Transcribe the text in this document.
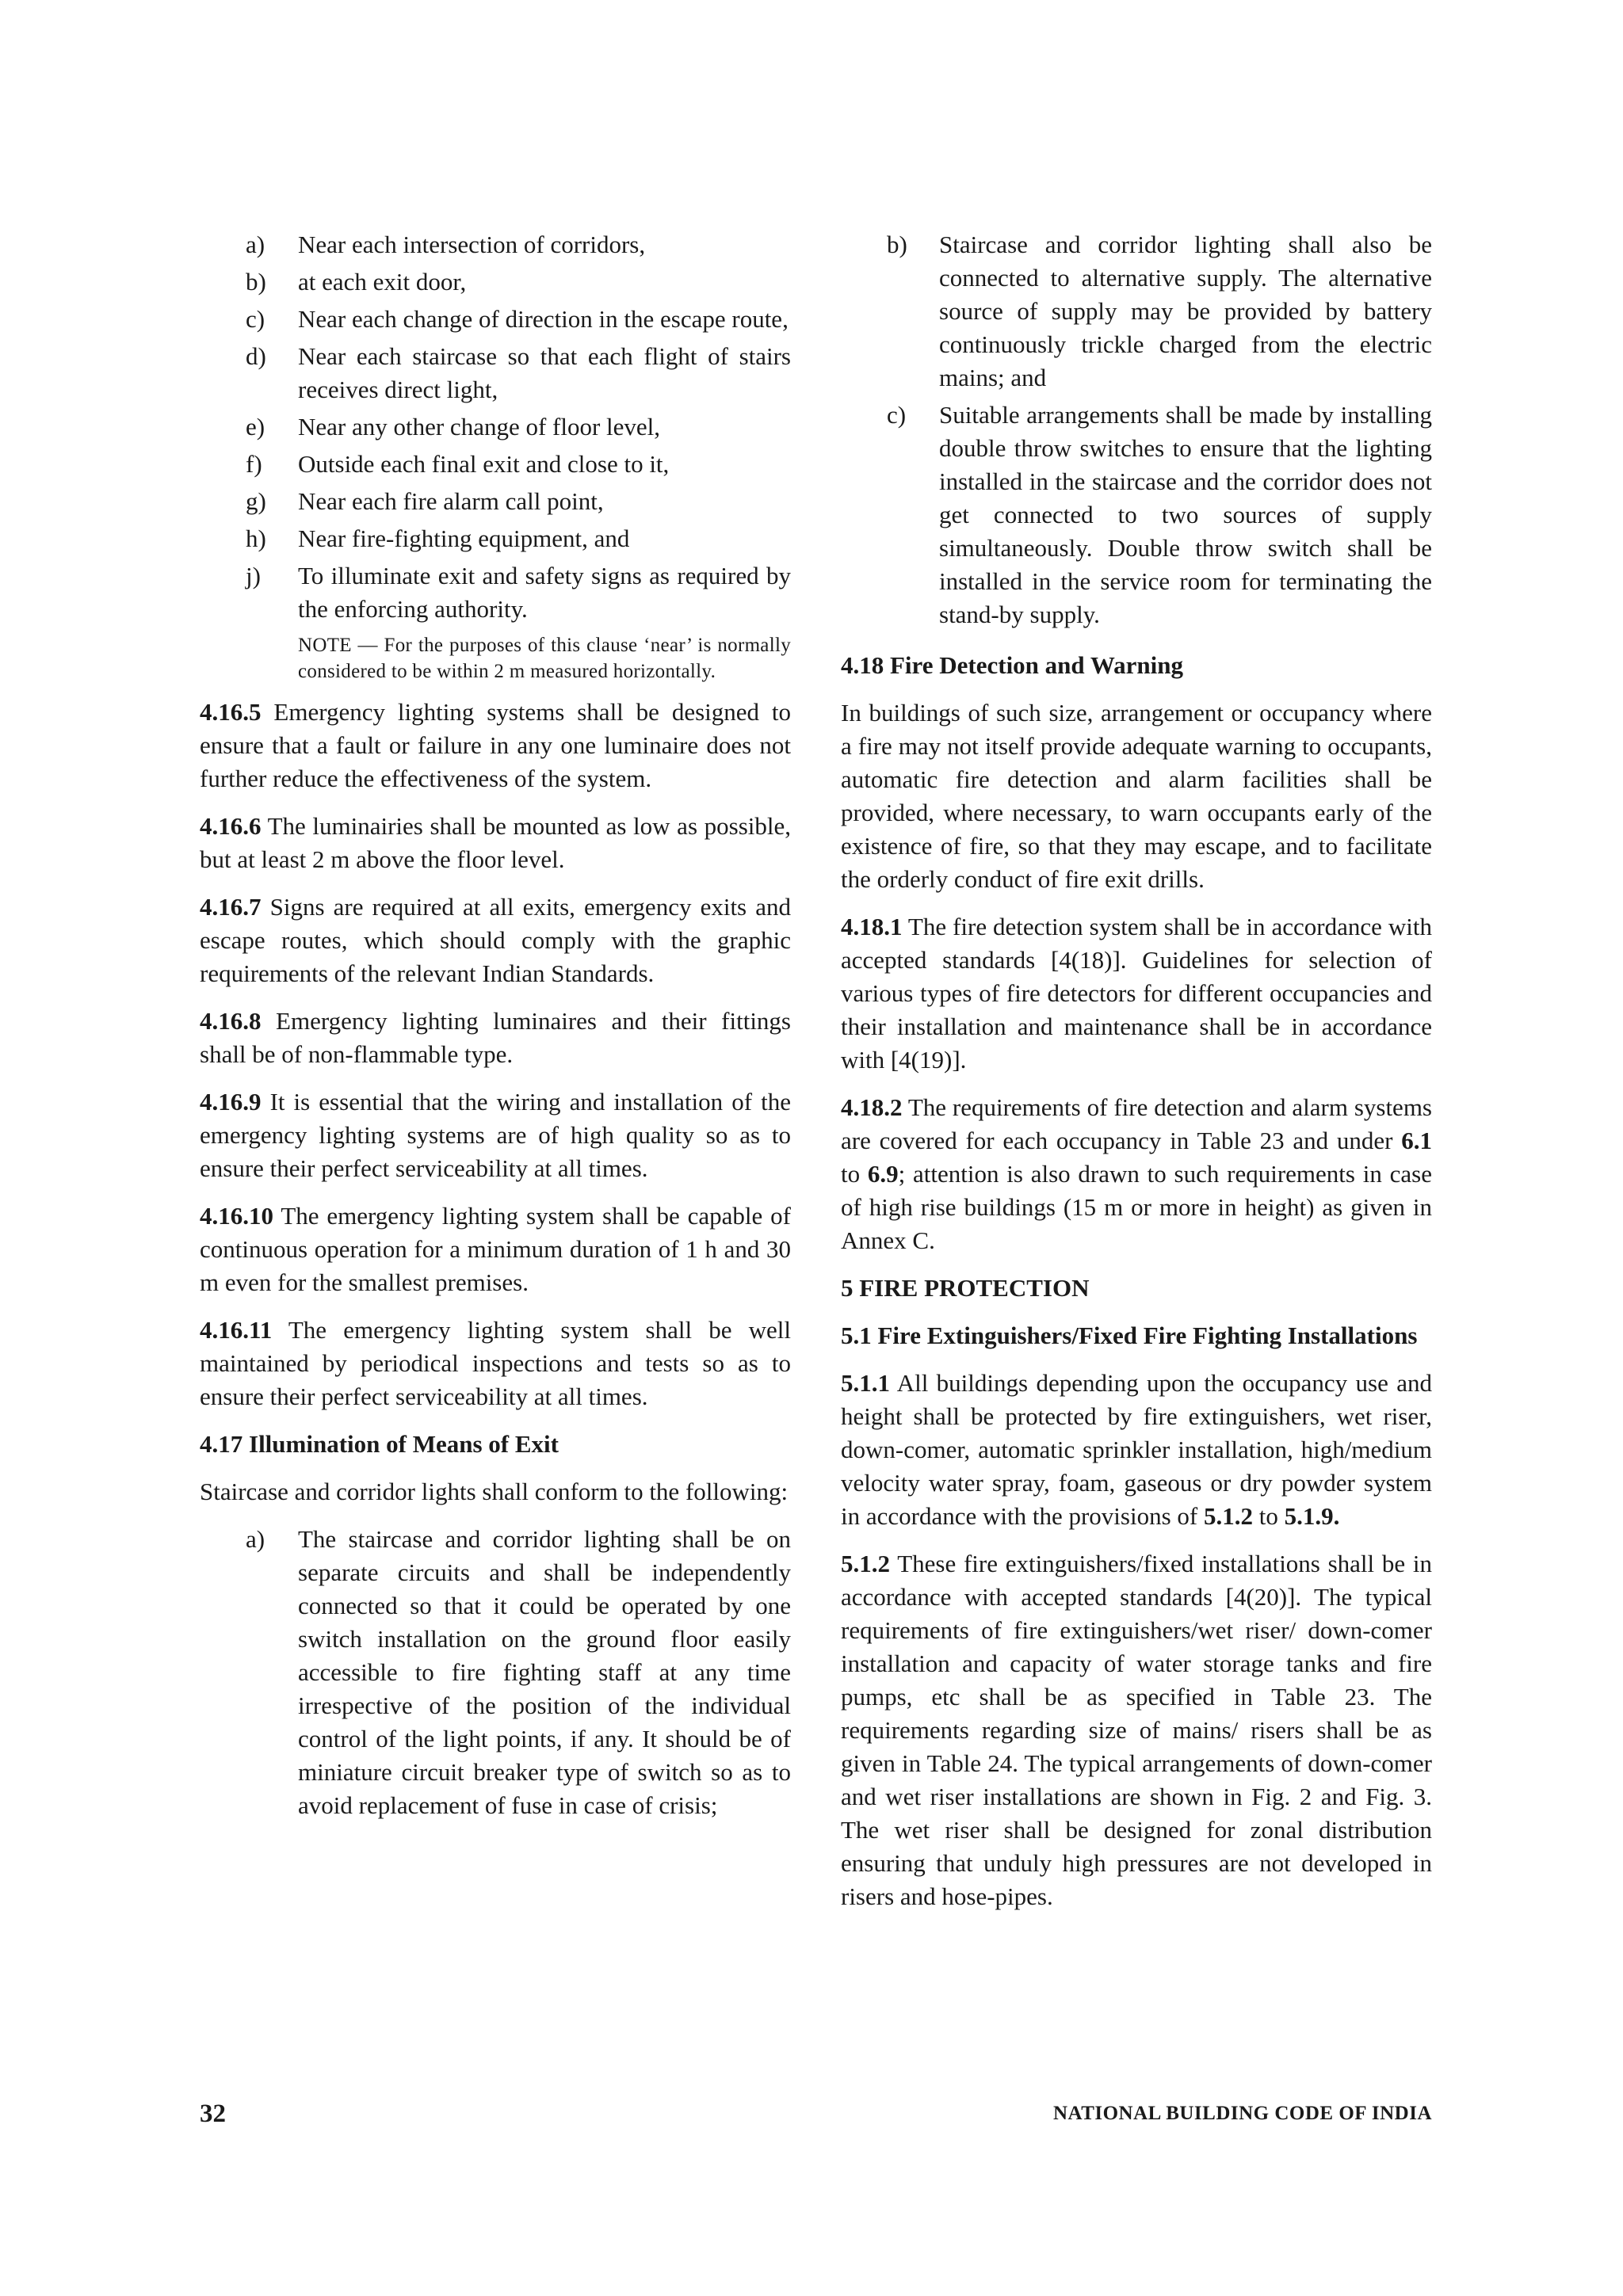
a) Near each intersection of corridors,
b) at each exit door,
c) Near each change of direction in the escape route,
d) Near each staircase so that each flight of stairs receives direct light,
e) Near any other change of floor level,
f) Outside each final exit and close to it,
g) Near each fire alarm call point,
h) Near fire-fighting equipment, and
j) To illuminate exit and safety signs as required by the enforcing authority.
NOTE — For the purposes of this clause ‘near’ is normally considered to be within 2 m measured horizontally.

4.16.5 Emergency lighting systems shall be designed to ensure that a fault or failure in any one luminaire does not further reduce the effectiveness of the system.

4.16.6 The luminairies shall be mounted as low as possible, but at least 2 m above the floor level.

4.16.7 Signs are required at all exits, emergency exits and escape routes, which should comply with the graphic requirements of the relevant Indian Standards.

4.16.8 Emergency lighting luminaires and their fittings shall be of non-flammable type.

4.16.9 It is essential that the wiring and installation of the emergency lighting systems are of high quality so as to ensure their perfect serviceability at all times.

4.16.10 The emergency lighting system shall be capable of continuous operation for a minimum duration of 1 h and 30 m even for the smallest premises.

4.16.11 The emergency lighting system shall be well maintained by periodical inspections and tests so as to ensure their perfect serviceability at all times.

4.17 Illumination of Means of Exit

Staircase and corridor lights shall conform to the following:

a) The staircase and corridor lighting shall be on separate circuits and shall be independently connected so that it could be operated by one switch installation on the ground floor easily accessible to fire fighting staff at any time irrespective of the position of the individual control of the light points, if any. It should be of miniature circuit breaker type of switch so as to avoid replacement of fuse in case of crisis;
b) Staircase and corridor lighting shall also be connected to alternative supply. The alternative source of supply may be provided by battery continuously trickle charged from the electric mains; and
c) Suitable arrangements shall be made by installing double throw switches to ensure that the lighting installed in the staircase and the corridor does not get connected to two sources of supply simultaneously. Double throw switch shall be installed in the service room for terminating the stand-by supply.
4.18 Fire Detection and Warning

In buildings of such size, arrangement or occupancy where a fire may not itself provide adequate warning to occupants, automatic fire detection and alarm facilities shall be provided, where necessary, to warn occupants early of the existence of fire, so that they may escape, and to facilitate the orderly conduct of fire exit drills.

4.18.1 The fire detection system shall be in accordance with accepted standards [4(18)]. Guidelines for selection of various types of fire detectors for different occupancies and their installation and maintenance shall be in accordance with [4(19)].

4.18.2 The requirements of fire detection and alarm systems are covered for each occupancy in Table 23 and under 6.1 to 6.9; attention is also drawn to such requirements in case of high rise buildings (15 m or more in height) as given in Annex C.

5 FIRE PROTECTION
5.1 Fire Extinguishers/Fixed Fire Fighting Installations

5.1.1 All buildings depending upon the occupancy use and height shall be protected by fire extinguishers, wet riser, down-comer, automatic sprinkler installation, high/medium velocity water spray, foam, gaseous or dry powder system in accordance with the provisions of 5.1.2 to 5.1.9.

5.1.2 These fire extinguishers/fixed installations shall be in accordance with accepted standards [4(20)]. The typical requirements of fire extinguishers/wet riser/ down-comer installation and capacity of water storage tanks and fire pumps, etc shall be as specified in Table 23. The requirements regarding size of mains/ risers shall be as given in Table 24. The typical arrangements of down-comer and wet riser installations are shown in Fig. 2 and Fig. 3. The wet riser shall be designed for zonal distribution ensuring that unduly high pressures are not developed in risers and hose-pipes.

32	NATIONAL BUILDING CODE OF INDIA
